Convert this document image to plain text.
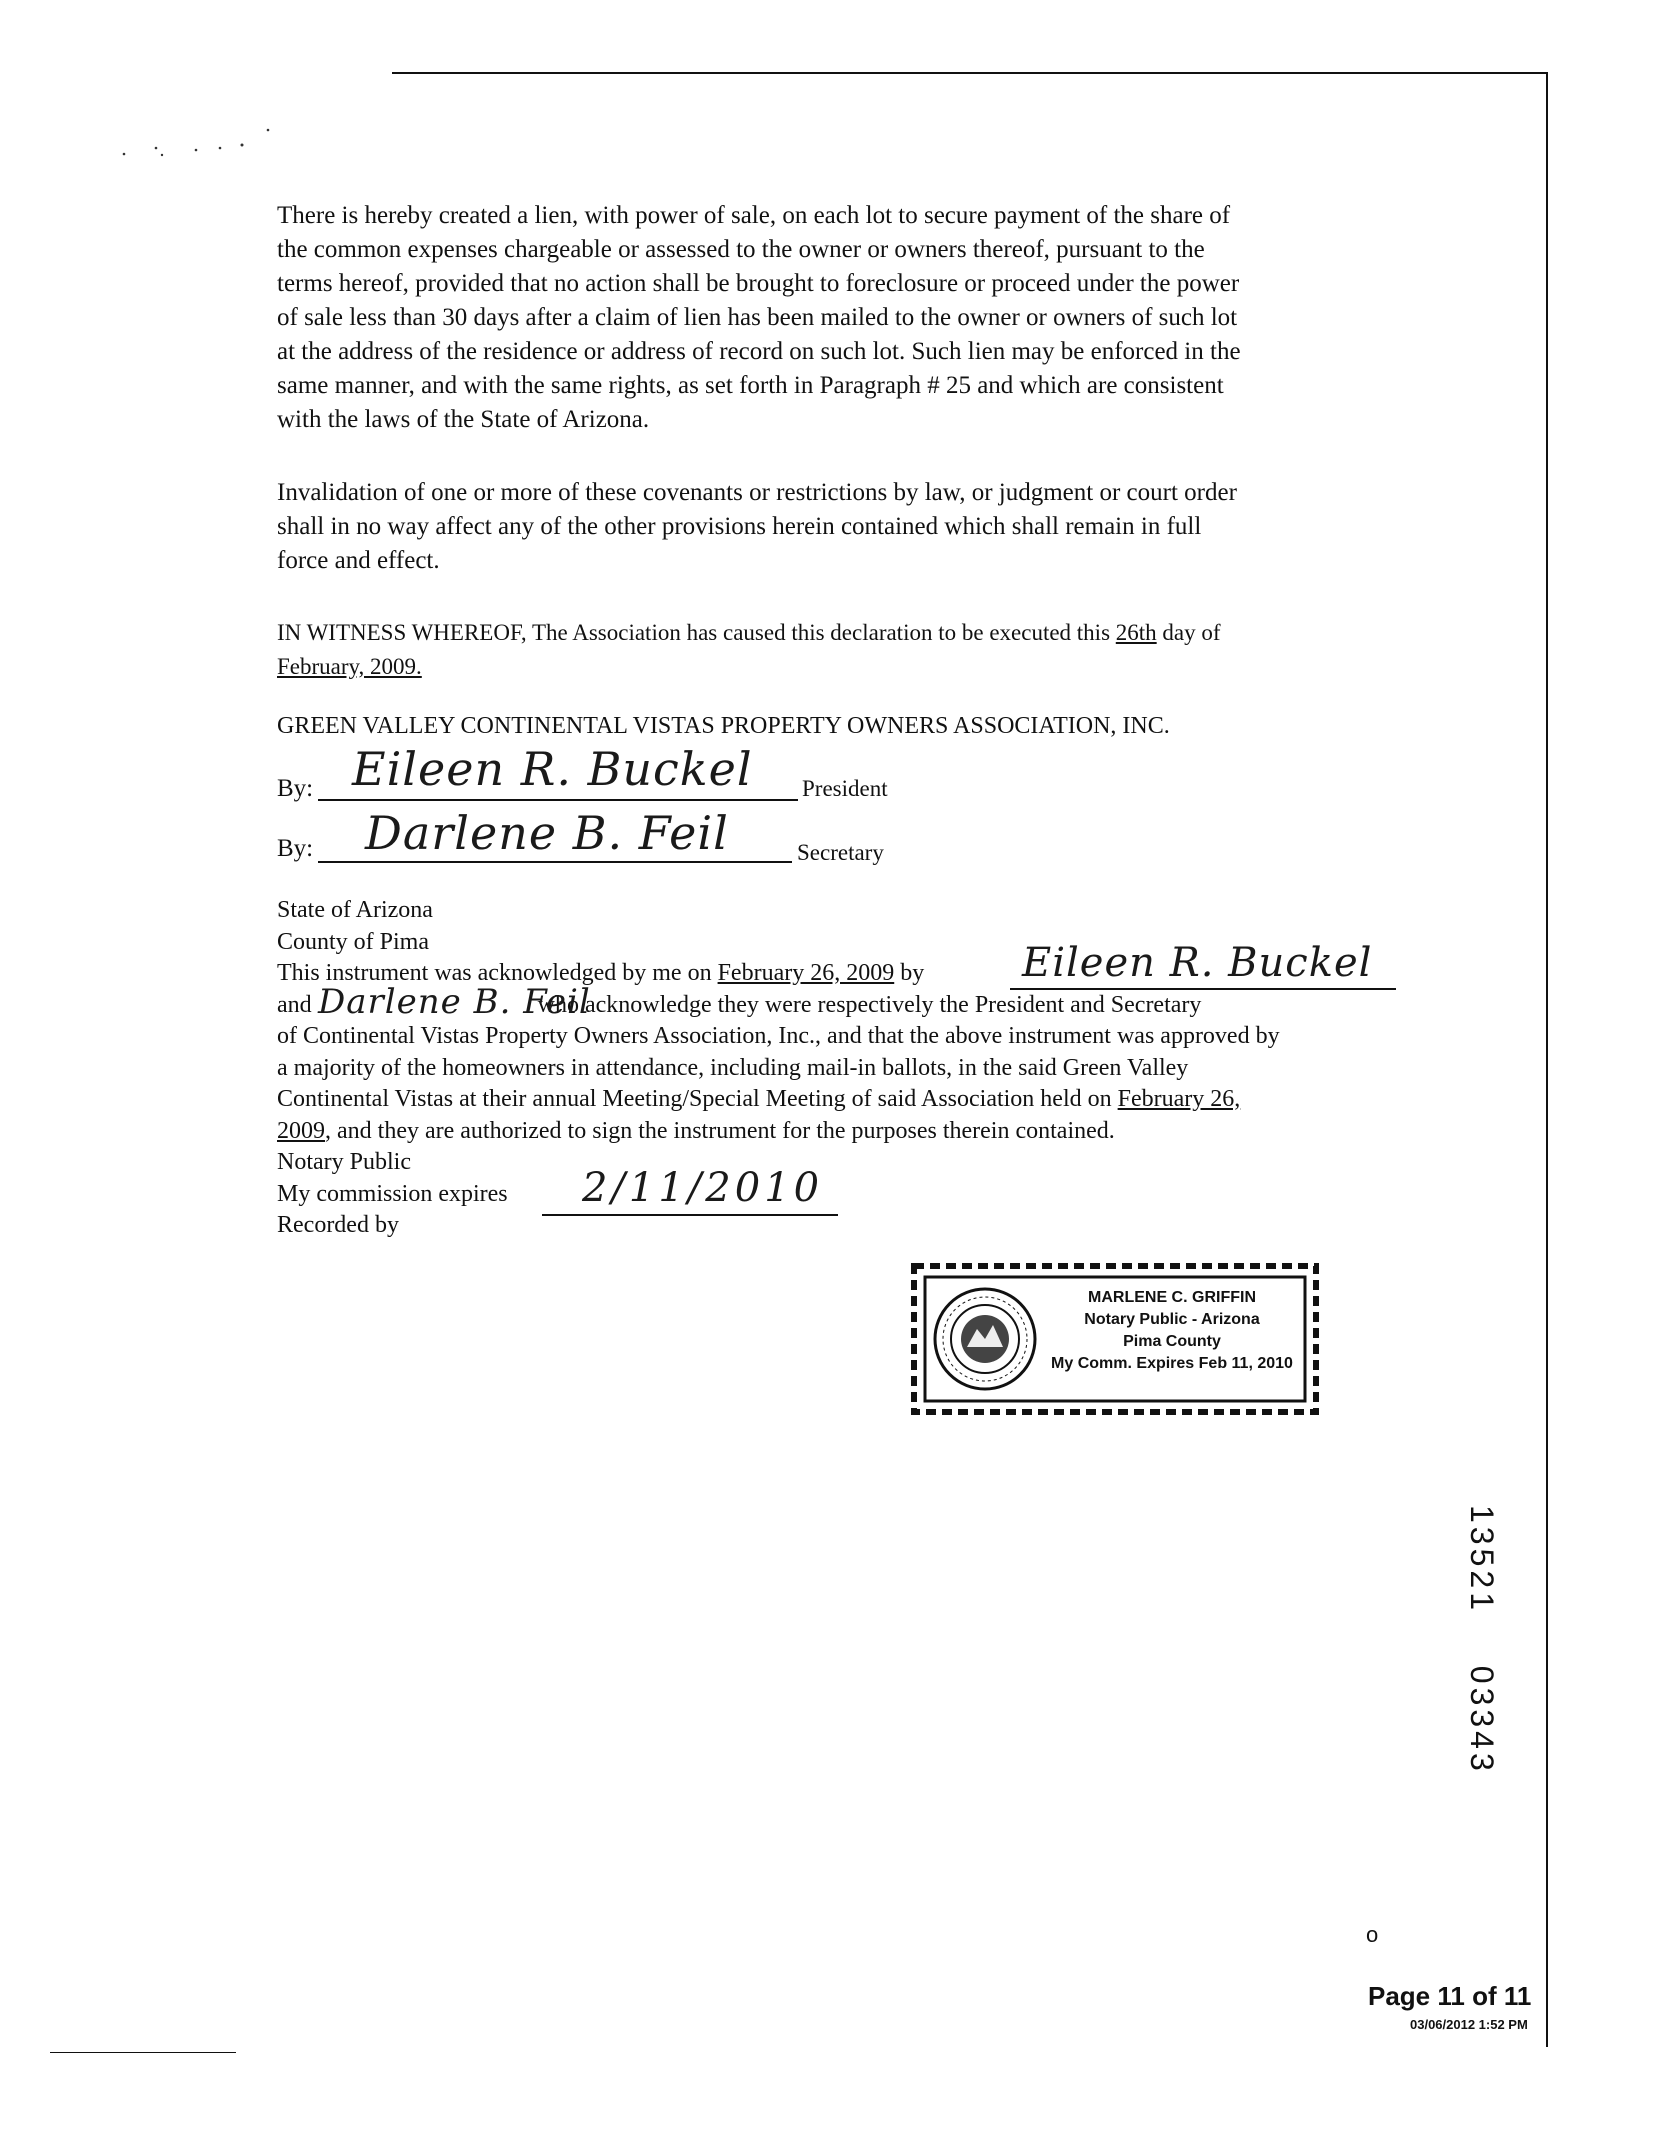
There is hereby created a lien, with power of sale, on each lot to secure payment of the share of
the common expenses chargeable or assessed to the owner or owners thereof, pursuant to the
terms hereof, provided that no action shall be brought to foreclosure or proceed under the power
of sale less than 30 days after a claim of lien has been mailed to the owner or owners of such lot
at the address of the residence or address of record on such lot. Such lien may be enforced in the
same manner, and with the same rights, as set forth in Paragraph # 25 and which are consistent
with the laws of the State of Arizona.
Invalidation of one or more of these covenants or restrictions by law, or judgment or court order
shall in no way affect any of the other provisions herein contained which shall remain in full
force and effect.
IN WITNESS WHEREOF, The Association has caused this declaration to be executed this 26th day of
February, 2009.
GREEN VALLEY CONTINENTAL VISTAS PROPERTY OWNERS ASSOCIATION, INC.
By: Eileen R. Buckel President
By: Darlene B. Feil	Secretary
State of Arizona
County of Pima
This instrument was acknowledged by me on February 26, 2009 by
and	who acknowledge they were respectively the President and Secretary
of Continental Vistas Property Owners Association, Inc., and that the above instrument was approved by
a majority of the homeowners in attendance, including mail-in ballots, in the said Green Valley
Continental Vistas at their annual Meeting/Special Meeting of said Association held on February 26,
2009, and they are authorized to sign the instrument for the purposes therein contained.
Notary Public
My commission expires
Recorded by
Eileen R. Buckel
Darlene B. Feil
2/11/2010
MARLENE C. GRIFFIN
Notary Public - Arizona
Pima County
My Comm. Expires Feb 11, 2010
13521  03343
o
Page 11 of 11
03/06/2012 1:52 PM
